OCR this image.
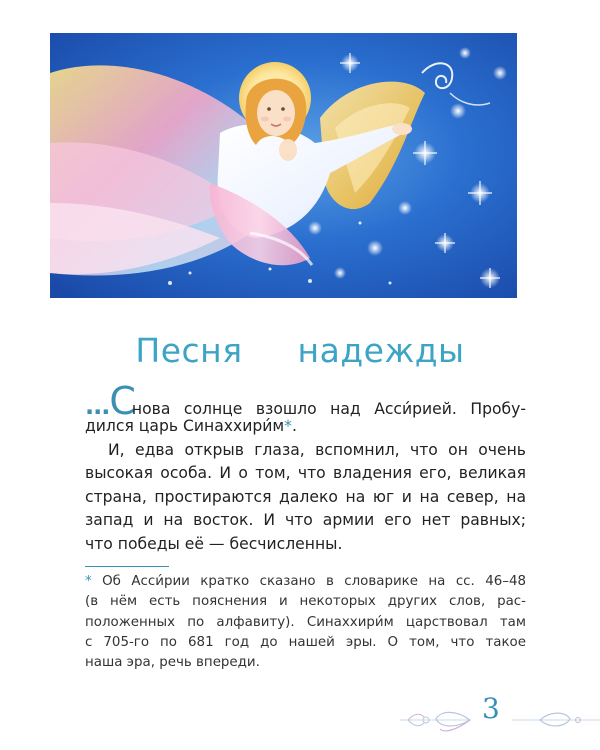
Песня     надежды
...Снова солнце взошло над Асси́рией. Пробу-
дился царь Синаххири́м*.
И, едва открыв глаза, вспомнил, что он очень
высокая особа. И о том, что владения его, великая
страна, простираются далеко на юг и на север, на
запад и на восток. И что армии его нет равных;
что победы её — бесчисленны.
* Об Асси́рии кратко сказано в словарике на сс. 46–48
(в нём есть пояснения и некоторых других слов, рас-
положенных по алфавиту). Синаххири́м царствовал там
с 705-го по 681 год до нашей эры. О том, что такое
наша эра, речь впереди.
3
